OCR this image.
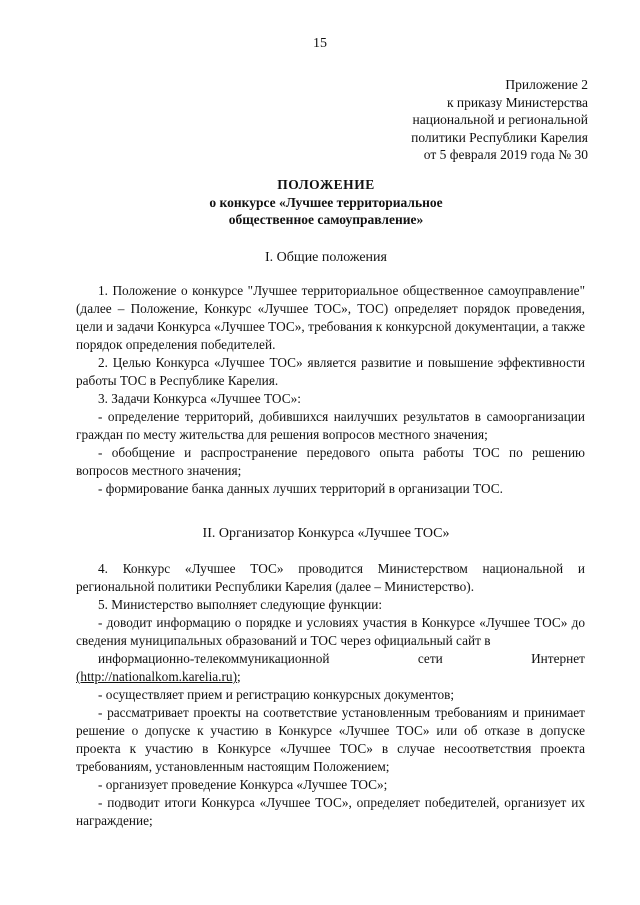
15
Приложение 2
к приказу Министерства
национальной и региональной
политики Республики Карелия
от 5 февраля 2019 года № 30
ПОЛОЖЕНИЕ
о конкурсе «Лучшее территориальное
общественное самоуправление»
I. Общие положения

1. Положение о конкурсе "Лучшее территориальное общественное самоуправление" (далее – Положение, Конкурс «Лучшее ТОС», ТОС) определяет порядок проведения, цели и задачи Конкурса «Лучшее ТОС», требования к конкурсной документации, а также порядок определения победителей.

2. Целью Конкурса «Лучшее ТОС» является развитие и повышение эффективности работы ТОС в Республике Карелия.

3. Задачи Конкурса «Лучшее ТОС»:

- определение территорий, добившихся наилучших результатов в самоорганизации граждан по месту жительства для решения вопросов местного значения;

- обобщение и распространение передового опыта работы ТОС по решению вопросов местного значения;

- формирование банка данных лучших территорий в организации ТОС.

II. Организатор Конкурса «Лучшее ТОС»

4. Конкурс «Лучшее ТОС» проводится Министерством национальной и региональной политики Республики Карелия (далее – Министерство).

5. Министерство выполняет следующие функции:

- доводит информацию о порядке и условиях участия в Конкурсе «Лучшее ТОС» до сведения муниципальных образований и ТОС через официальный сайт в

информационно-телекоммуникационной	сети	Интернет

(http://nationalkom.karelia.ru);

- осуществляет прием и регистрацию конкурсных документов;

- рассматривает проекты на соответствие установленным требованиям и принимает решение о допуске к участию в Конкурсе «Лучшее ТОС» или об отказе в допуске проекта к участию в Конкурсе «Лучшее ТОС» в случае несоответствия проекта требованиям, установленным настоящим Положением;

- организует проведение Конкурса «Лучшее ТОС»;

- подводит итоги Конкурса «Лучшее ТОС», определяет победителей, организует их награждение;
